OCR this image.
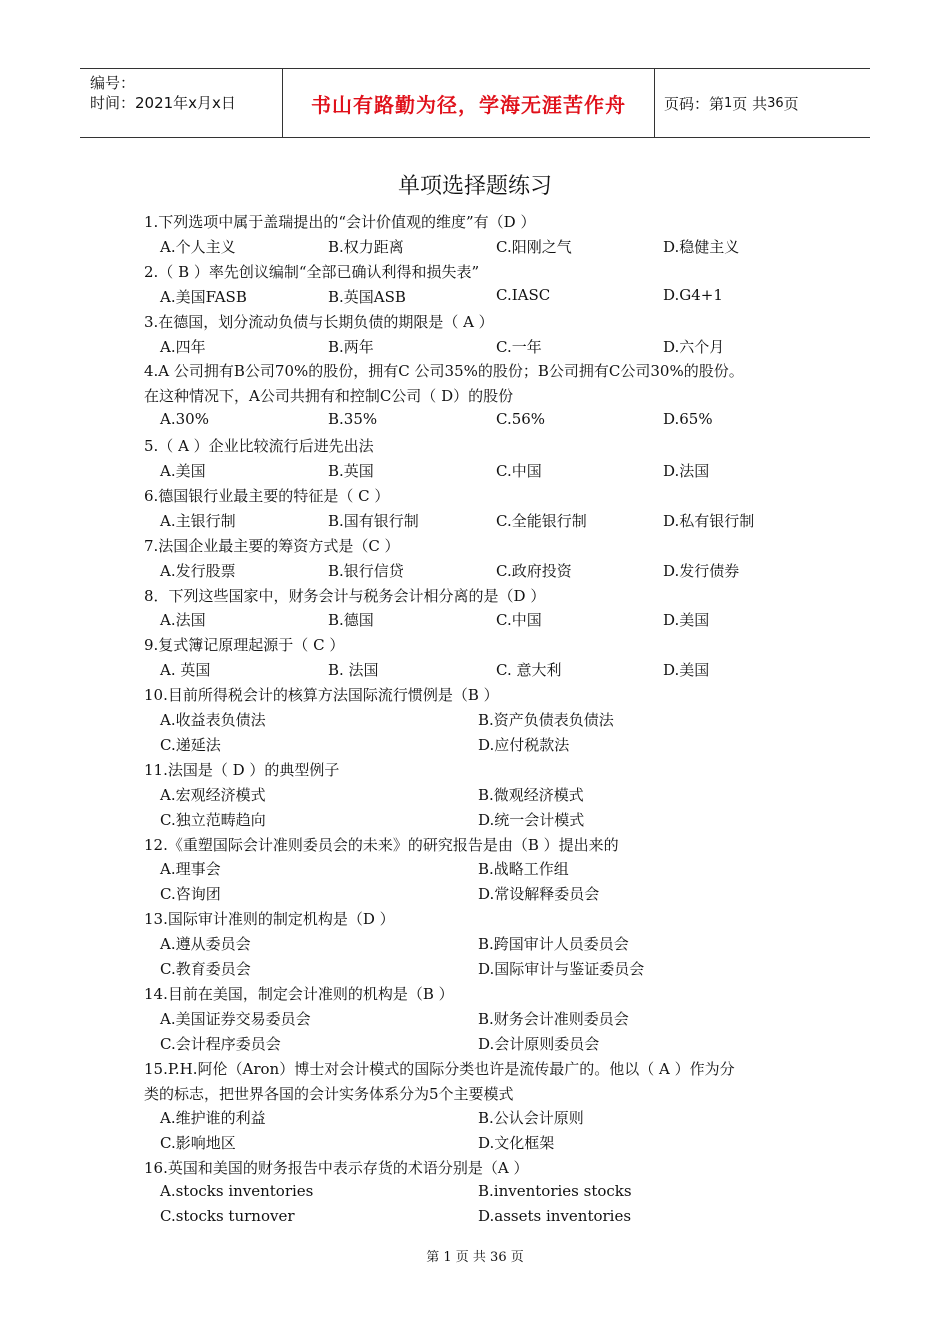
编号：
时间：2021年x月x日	书山有路勤为径，学海无涯苦作舟	页码：第 1 页 共 36 页
单项选择题练习
1.下列选项中属于盖瑞提出的“会计价值观的维度”有（D ）
A.个人主义	B.权力距离	C.阳刚之气	D.稳健主义
2.（ B ）率先创议编制“全部已确认利得和损失表”
A.美国FASB	B.英国ASB	C.IASC	D.G4+1
3.在德国，划分流动负债与长期负债的期限是（ A ）
A.四年	B.两年	C.一年	D.六个月
4.A 公司拥有B公司70%的股份，拥有C 公司35%的股份；B公司拥有C公司30%的股份。
在这种情况下，A公司共拥有和控制C公司（ D）的股份
A.30%	B.35%	C.56%	D.65%
5.（ A ）企业比较流行后进先出法
A.美国	B.英国	C.中国	D.法国
6.德国银行业最主要的特征是（ C ）
A.主银行制	B.国有银行制	C.全能银行制	D.私有银行制
7.法国企业最主要的筹资方式是（C ）
A.发行股票	B.银行信贷	C.政府投资	D.发行债券
8．下列这些国家中，财务会计与税务会计相分离的是（D ）
A.法国	B.德国	C.中国	D.美国
9.复式簿记原理起源于（ C ）
A. 英国	B. 法国	C. 意大利	D.美国
10.目前所得税会计的核算方法国际流行惯例是（B ）
A.收益表负债法	B.资产负债表负债法
C.递延法	D.应付税款法
11.法国是（ D ）的典型例子
A.宏观经济模式	B.微观经济模式
C.独立范畴趋向	D.统一会计模式
12.《重塑国际会计准则委员会的未来》的研究报告是由（B ）提出来的
A.理事会	B.战略工作组
C.咨询团	D.常设解释委员会
13.国际审计准则的制定机构是（D ）
A.遵从委员会	B.跨国审计人员委员会
C.教育委员会	D.国际审计与鉴证委员会
14.目前在美国，制定会计准则的机构是（B ）
A.美国证券交易委员会	B.财务会计准则委员会
C.会计程序委员会	D.会计原则委员会
15.P.H.阿伦（Aron）博士对会计模式的国际分类也许是流传最广的。他以（ A ）作为分
类的标志，把世界各国的会计实务体系分为5个主要模式
A.维护谁的利益	B.公认会计原则
C.影响地区	D.文化框架
16.英国和美国的财务报告中表示存货的术语分别是（A ）
A.stocks inventories	B.inventories stocks
C.stocks turnover	D.assets inventories
第 1 页 共 36 页
